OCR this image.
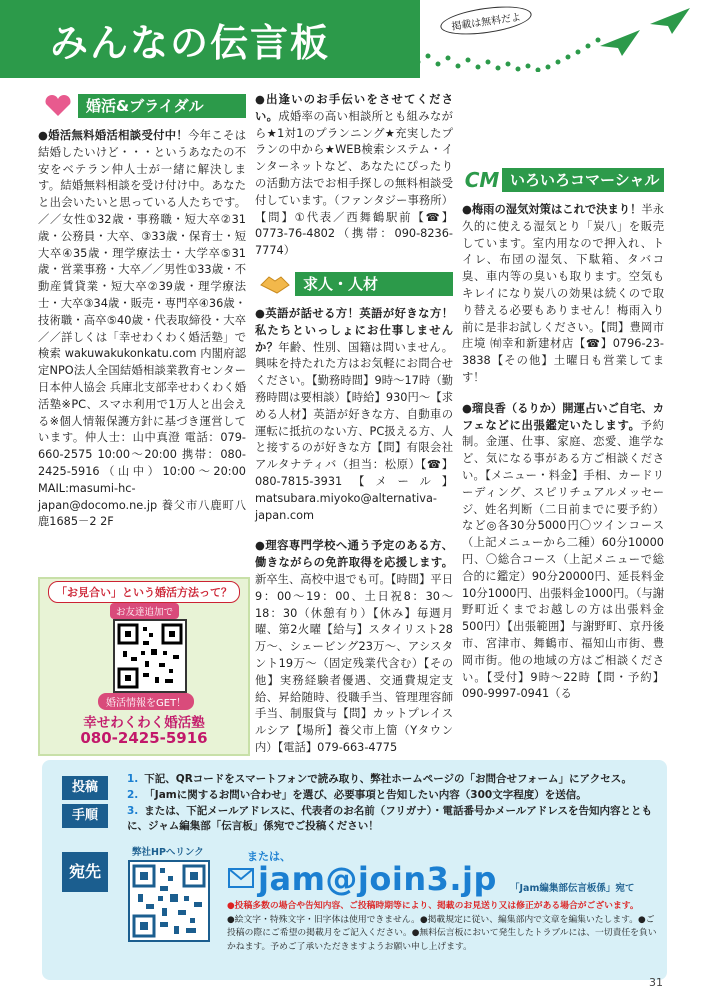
みんなの伝言板	掲載は無料だよ
婚活&ブライダル

●婚活無料婚活相談受付中！今年こそは結婚したいけど・・・というあなたの不安をベテラン仲人士が一緒に解決します。結婚無料相談を受け付け中。あなたと出会いたいと思っている人たちです。／／女性①32歳・事務職・短大卒②31歳・公務員・大卒、③33歳・保育士・短大卒④35歳・理学療法士・大学卒⑤31歳・営業事務・大卒／／男性①33歳・不動産賃貸業・短大卒②39歳・理学療法士・大卒③34歳・販売・専門卒④36歳・技術職・高卒⑤40歳・代表取締役・大卒／／詳しくは「幸せわくわく婚活塾」で検索 wakuwakukonkatu.com 内閣府認定NPO法人全国結婚相談業教育センター日本仲人協会 兵庫北支部幸せわくわく婚活塾※PC、スマホ利用で1万人と出会える※個人情報保護方針に基づき運営しています。仲人士：山中真澄 電話：079-660-2575 10:00～20:00 携帯：080-2425-5916（山中）10:00～20:00 MAIL:masumi-hc-japan@docomo.ne.jp 養父市八鹿町八鹿1685－2 2F

「お見合い」という婚活方法って？
お友達追加で
婚活情報をGET！
幸せわくわく婚活塾
080-2425-5916

●出逢いのお手伝いをさせてください。成婚率の高い相談所とも組みながら★1対1のプランニング★充実したプランの中から★WEB検索システム・インターネットなど、あなたにぴったりの活動方法でお相手探しの無料相談受付しています。（ファンタジー事務所）【問】①代表／西舞鶴駅前【☎】0773-76-4802（携帯：090-8236-7774）

求人・人材

●英語が話せる方！英語が好きな方！私たちといっしょにお仕事しませんか？年齢、性別、国籍は問いません。興味を持たれた方はお気軽にお問合せください。【勤務時間】9時～17時（勤務時間は要相談）【時給】930円～【求める人材】英語が好きな方、自動車の運転に抵抗のない方、PC扱える方、人と接するのが好きな方【問】有限会社アルタナティバ（担当：松原）【☎】080-7815-3931【メール】matsubara.miyoko@alternativa-japan.com

●理容専門学校へ通う予定のある方、働きながらの免許取得を応援します。新卒生、高校中退でも可。【時間】平日9：00～19：00、土日祝8：30～18：30（休憩有り）【休み】毎週月曜、第2火曜【給与】スタイリスト28万～、シェービング23万～、アシスタント19万～（固定残業代含む）【その他】実務経験者優遇、交通費規定支給、昇給随時、役職手当、管理理容師手当、制服貸与【問】カットプレイス ルシア【場所】養父市上箇（Yタウン内）【電話】079-663-4775

CM いろいろコマーシャル

●梅雨の湿気対策はこれで決まり！半永久的に使える湿気とり「炭八」を販売しています。室内用なので押入れ、トイレ、布団の湿気、下駄箱、タバコ臭、車内等の臭いも取ります。空気もキレイになり炭八の効果は続くので取り替える必要もありません！梅雨入り前に是非お試しください。【問】豊岡市庄境 ㈲幸和新建材店【☎】0796-23-3838【その他】土曜日も営業してます！

●瑠良香（るりか）開運占いご自宅、カフェなどに出張鑑定いたします。予約制。金運、仕事、家庭、恋愛、進学など、気になる事がある方ご相談ください。【メニュー・料金】手相、カードリーディング、スピリチュアルメッセージ、姓名判断（二日前までに要予約）など◎各30分5000円〇ツインコース（上記メニューから二種）60分10000円、〇総合コース（上記メニューで総合的に鑑定）90分20000円、延長料金10分1000円、出張料金1000円。（与謝野町近くまでお越しの方は出張料金500円）【出張範囲】与謝野町、京丹後市、宮津市、舞鶴市、福知山市街、豊岡市街。他の地域の方はご相談ください。【受付】9時～22時【問・予約】090-9997-0941（る

投稿
手順
1. 下記、QRコードをスマートフォンで読み取り、弊社ホームページの「お問合せフォーム」にアクセス。
2. 「Jamに関するお問い合わせ」を選び、必要事項と告知したい内容（300文字程度）を送信。
3. または、下記メールアドレスに、代表者のお名前（フリガナ）・電話番号かメールアドレスを告知内容とともに、ジャム編集部「伝言板」係宛でご投稿ください！
宛先
弊社HPへリンク	または、
jam@join3.jp 「Jam編集部伝言板係」宛て
●投稿多数の場合や告知内容、ご投稿時期等により、掲載のお見送り又は修正がある場合がございます。
●絵文字・特殊文字・旧字体は使用できません。●掲載規定に従い、編集部内で文章を編集いたします。●ご投稿の際にご希望の掲載月をご記入ください。●無料伝言板において発生したトラブルには、一切責任を負いかねます。予めご了承いただきますようお願い申し上げます。
31
